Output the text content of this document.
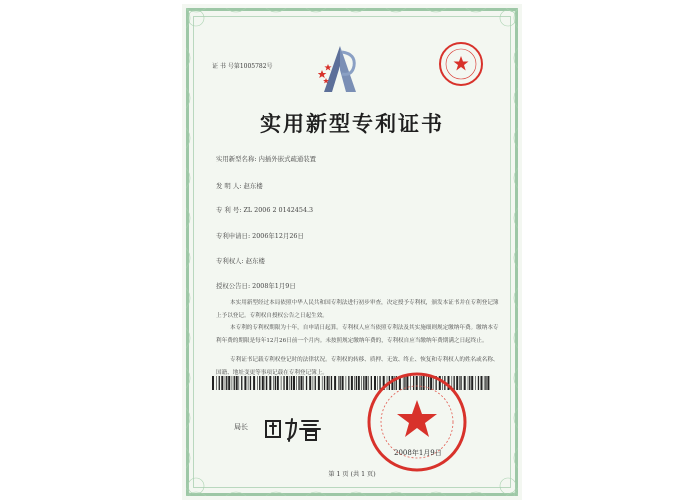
证 书 号第1005782号
实用新型专利证书
实用新型名称: 内插外嵌式疏通装置
发 明 人: 赵东楼
专 利 号: ZL 2006 2 0142454.3
专利申请日: 2006年12月26日
专利权人: 赵东楼
授权公告日: 2008年1月9日
本实用新型经过本局依照中华人民共和国专利法进行初步审查，决定授予专利权，颁发本证书并在专利登记簿上予以登记。专利权自授权公告之日起生效。
本专利的专利权期限为十年，自申请日起算。专利权人应当依照专利法及其实施细则规定缴纳年费。缴纳本专利年费的期限是每年12月26日前一个月内。未按照规定缴纳年费的，专利权自应当缴纳年费期满之日起终止。
专利证书记载专利权登记时的法律状况。专利权的转移、质押、无效、终止、恢复和专利权人的姓名或名称、国籍、地址变更等事项记载在专利登记簿上。
局长
2008年1月9日
第 1 页 (共 1 页)
